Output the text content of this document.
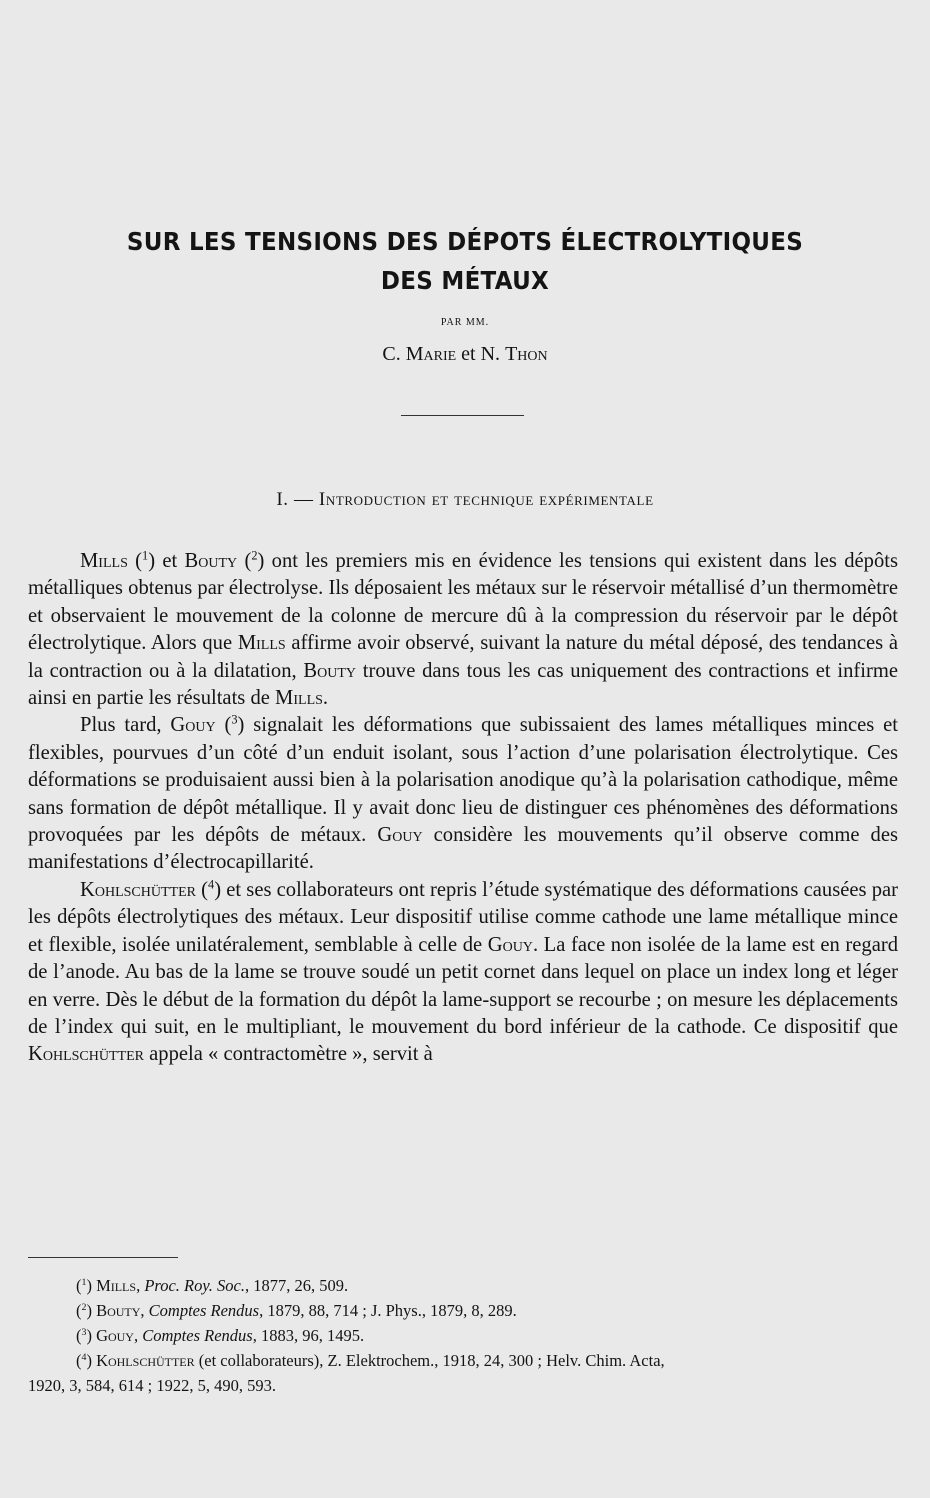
SUR LES TENSIONS DES DÉPOTS ÉLECTROLYTIQUES
DES MÉTAUX
PAR MM.
C. Marie et N. Thon
I. — Introduction et technique expérimentale

Mills ($^1$) et Bouty ($^2$) ont les premiers mis en évidence les tensions qui existent dans les dépôts métalliques obtenus par électrolyse. Ils déposaient les métaux sur le réservoir métallisé d’un thermomètre et observaient le mouvement de la colonne de mercure dû à la compression du réservoir par le dépôt électrolytique. Alors que Mills affirme avoir observé, suivant la nature du métal déposé, des tendances à la contraction ou à la dilatation, Bouty trouve dans tous les cas uniquement des contractions et infirme ainsi en partie les résultats de Mills.

Plus tard, Gouy ($^3$) signalait les déformations que subissaient des lames métalliques minces et flexibles, pourvues d’un côté d’un enduit isolant, sous l’action d’une polarisation électrolytique. Ces déformations se produisaient aussi bien à la polarisation anodique qu’à la polarisation cathodique, même sans formation de dépôt métallique. Il y avait donc lieu de distinguer ces phénomènes des déformations provoquées par les dépôts de métaux. Gouy considère les mouvements qu’il observe comme des manifestations d’électrocapillarité.

Kohlschütter ($^4$) et ses collaborateurs ont repris l’étude systématique des déformations causées par les dépôts électrolytiques des métaux. Leur dispositif utilise comme cathode une lame métallique mince et flexible, isolée unilatéralement, semblable à celle de Gouy. La face non isolée de la lame est en regard de l’anode. Au bas de la lame se trouve soudé un petit cornet dans lequel on place un index long et léger en verre. Dès le début de la formation du dépôt la lame-support se recourbe ; on mesure les déplacements de l’index qui suit, en le multipliant, le mouvement du bord inférieur de la cathode. Ce dispositif que Kohlschütter appela « contractomètre », servit à

($^1$) Mills, Proc. Roy. Soc., 1877, 26, 509.
($^2$) Bouty, Comptes Rendus, 1879, 88, 714 ; J. Phys., 1879, 8, 289.
($^3$) Gouy, Comptes Rendus, 1883, 96, 1495.
($^4$) Kohlschütter (et collaborateurs), Z. Elektrochem., 1918, 24, 300 ; Helv. Chim. Acta,
1920, 3, 584, 614 ; 1922, 5, 490, 593.
